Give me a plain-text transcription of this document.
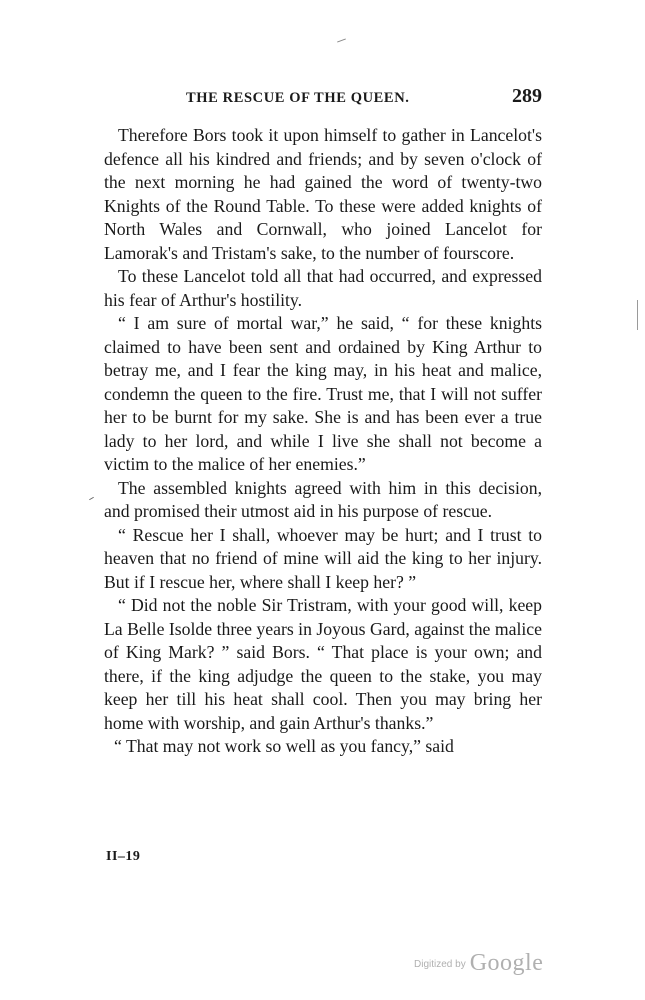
THE RESCUE OF THE QUEEN.	289

Therefore Bors took it upon himself to gather in Lancelot's defence all his kindred and friends; and by seven o'clock of the next morning he had gained the word of twenty-two Knights of the Round Table. To these were added knights of North Wales and Cornwall, who joined Lancelot for Lamorak's and Tristam's sake, to the number of fourscore.

To these Lancelot told all that had occurred, and expressed his fear of Arthur's hostility.

“ I am sure of mortal war,” he said, “ for these knights claimed to have been sent and ordained by King Arthur to betray me, and I fear the king may, in his heat and malice, condemn the queen to the fire. Trust me, that I will not suffer her to be burnt for my sake. She is and has been ever a true lady to her lord, and while I live she shall not become a victim to the malice of her enemies.”

The assembled knights agreed with him in this decision, and promised their utmost aid in his purpose of rescue.

“ Rescue her I shall, whoever may be hurt; and I trust to heaven that no friend of mine will aid the king to her injury. But if I rescue her, where shall I keep her? ”

“ Did not the noble Sir Tristram, with your good will, keep La Belle Isolde three years in Joyous Gard, against the malice of King Mark? ” said Bors. “ That place is your own; and there, if the king adjudge the queen to the stake, you may keep her till his heat shall cool. Then you may bring her home with worship, and gain Arthur's thanks.”

“ That may not work so well as you fancy,” said

II–19
Digitized by Google
